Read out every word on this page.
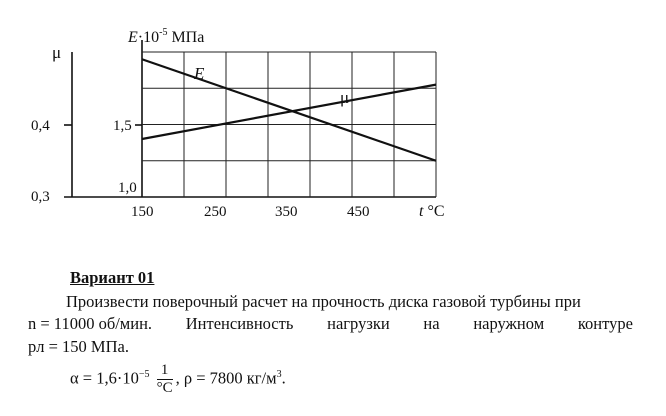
μ
$E\cdot 10^{-5}$ МПа
0,4
0,3
1,5
1,0
150	250	350	450	t °C
E
μ
Вариант 01
Произвести поверочный расчет на прочность диска газовой турбины при
n = 11000 об/мин. Интенсивность нагрузки на наружном контуре
pл = 150 МПа.
$\alpha = 1,6\cdot 10^{-5} \frac{1}{^\circ C}$ , ρ = 7800 $кг/м^3$.
